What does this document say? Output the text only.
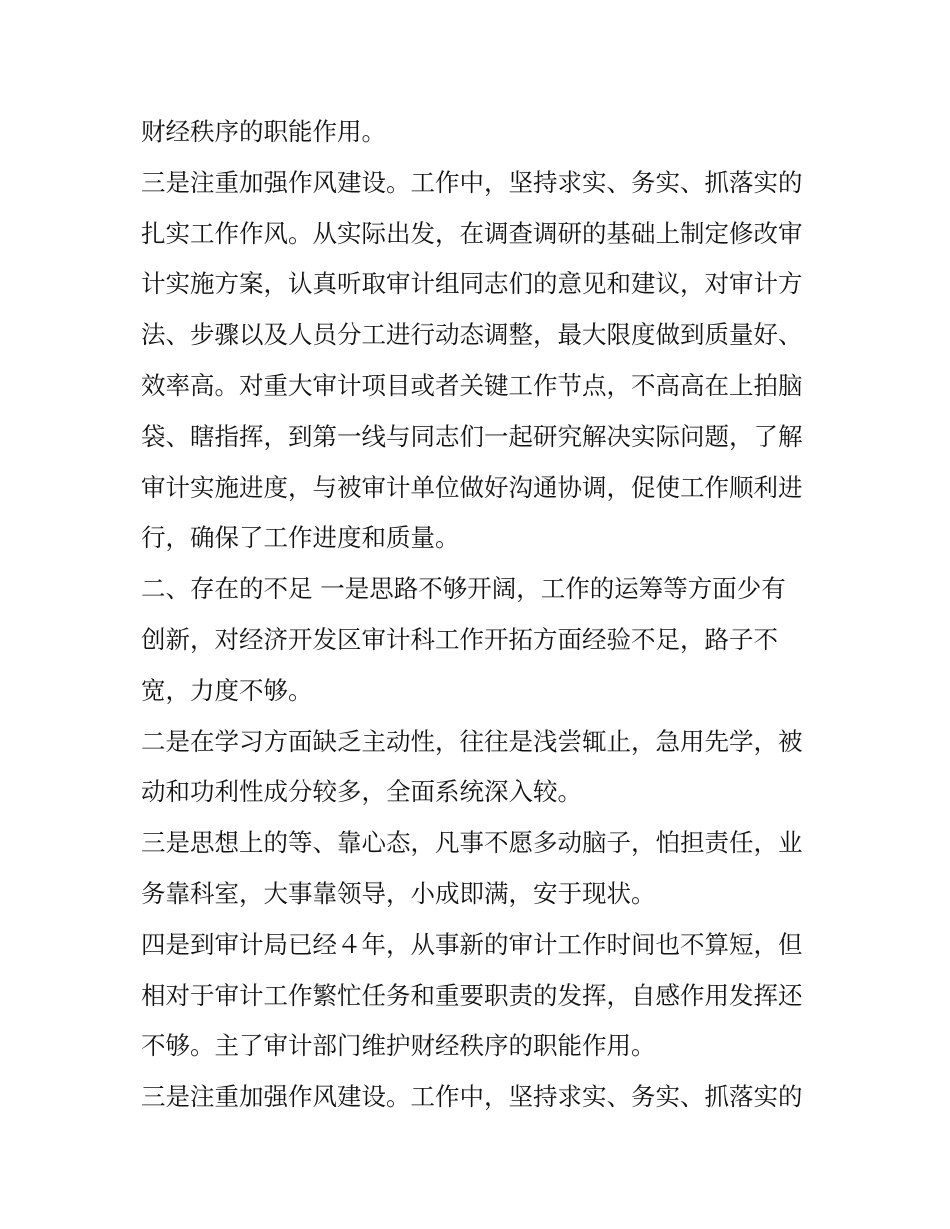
财经秩序的职能作用。
三是注重加强作风建设。工作中，坚持求实、务实、抓落实的
扎实工作作风。从实际出发，在调查调研的基础上制定修改审
计实施方案，认真听取审计组同志们的意见和建议，对审计方
法、步骤以及人员分工进行动态调整，最大限度做到质量好、
效率高。对重大审计项目或者关键工作节点，不高高在上拍脑
袋、瞎指挥，到第一线与同志们一起研究解决实际问题，了解
审计实施进度，与被审计单位做好沟通协调，促使工作顺利进
行，确保了工作进度和质量。
二、存在的不足 一是思路不够开阔，工作的运筹等方面少有
创新，对经济开发区审计科工作开拓方面经验不足，路子不
宽，力度不够。
二是在学习方面缺乏主动性，往往是浅尝辄止，急用先学，被
动和功利性成分较多，全面系统深入较。
三是思想上的等、靠心态，凡事不愿多动脑子，怕担责任，业
务靠科室，大事靠领导，小成即满，安于现状。
四是到审计局已经４年，从事新的审计工作时间也不算短，但
相对于审计工作繁忙任务和重要职责的发挥，自感作用发挥还
不够。主了审计部门维护财经秩序的职能作用。
三是注重加强作风建设。工作中，坚持求实、务实、抓落实的
